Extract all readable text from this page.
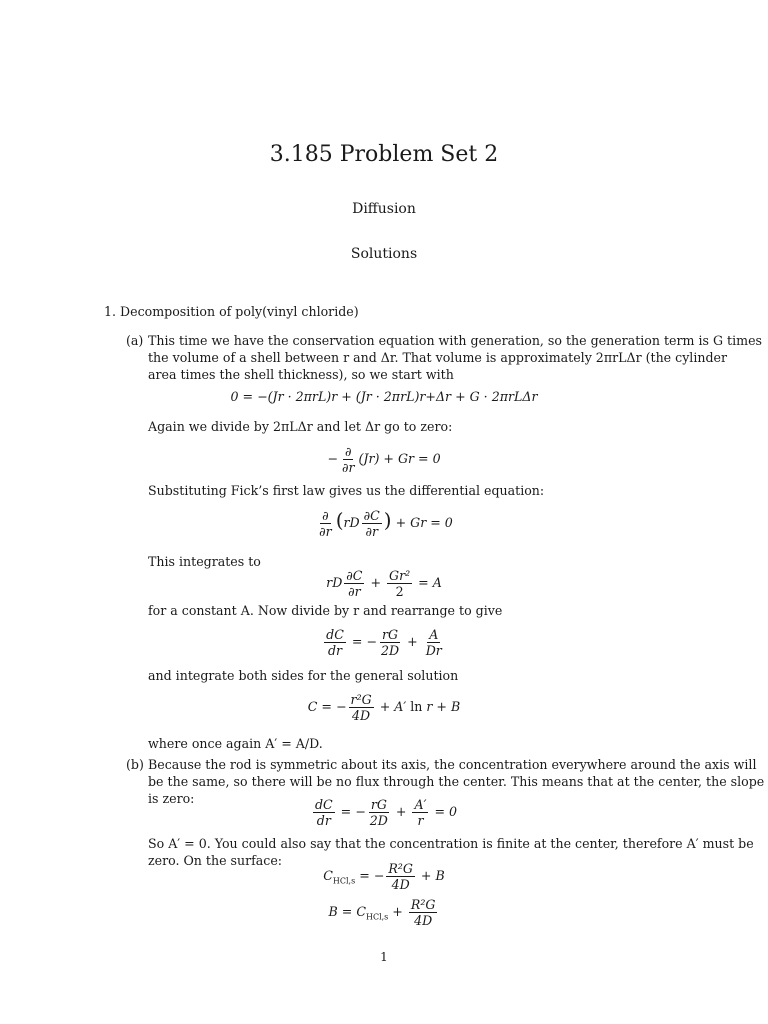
3.185 Problem Set 2
Diffusion
Solutions
1. Decomposition of poly(vinyl chloride)
(a) This time we have the conservation equation with generation, so the generation term is G times
the volume of a shell between r and Δr. That volume is approximately 2πrLΔr (the cylinder
area times the shell thickness), so we start with
0 = −(Jr · 2πrL)r + (Jr · 2πrL)r+Δr + G · 2πrLΔr
Again we divide by 2πLΔr and let Δr go to zero:
− $\frac{\partial}{\partial r} (Jr) + Gr = 0$
Substituting Fick’s first law gives us the differential equation:
$\frac{\partial}{\partial r} (rD \frac{\partial C}{\partial r}$ ) + Gr = 0
This integrates to
rD $\frac{\partial C}{\partial r} + \frac{\text{Gr²}}{2} = A$
for a constant A. Now divide by r and rearrange to give
$\frac{dC}{dr}$ = − $\frac{rG}{2D} + \frac{A}{Dr}$
and integrate both sides for the general solution
C = − $\frac{\text{r²G}}{4D} + A'$ ln r + B
where once again A′ = A/D.
(b) Because the rod is symmetric about its axis, the concentration everywhere around the axis will
be the same, so there will be no flux through the center. This means that at the center, the slope
is zero:	$\frac{dC}{dr}$ = − $\frac{rG}{2D} + \frac{A'}{r} = 0$
So A′ = 0. You could also say that the concentration is finite at the center, therefore A′ must be
zero. On the surface:
$C_{HCl,s}$ = − $\frac{\text{R²G}}{4D} + B$
$B = C_{HCl,s} + \frac{\text{R²G}}{4D}$
1
